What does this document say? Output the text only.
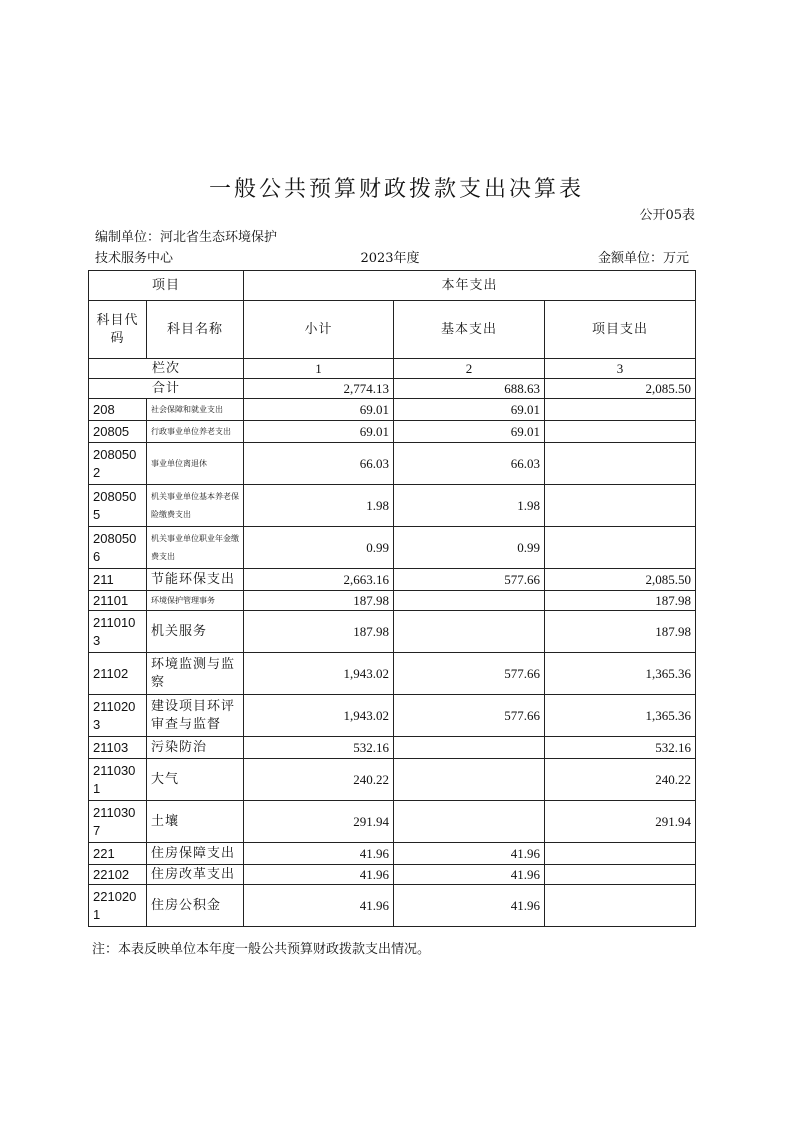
一般公共预算财政拨款支出决算表
公开05表
编制单位：河北省生态环境保护
技术服务中心	2023年度	金额单位：万元
项目		本年支出		
科目代码	科目名称	小计	基本支出	项目支出
栏次		1	2	3
合计		2,774.13	688.63	2,085.50
208	社会保障和就业支出	69.01	69.01	
20805	行政事业单位养老支出	69.01	69.01	
2080502	事业单位离退休	66.03	66.03	
2080505	机关事业单位基本养老保险缴费支出	1.98	1.98	
2080506	机关事业单位职业年金缴费支出	0.99	0.99	
211	节能环保支出	2,663.16	577.66	2,085.50
21101	环境保护管理事务	187.98		187.98
2110103	机关服务	187.98		187.98
21102	环境监测与监察	1,943.02	577.66	1,365.36
2110203	建设项目环评审查与监督	1,943.02	577.66	1,365.36
21103	污染防治	532.16		532.16
2110301	大气	240.22		240.22
2110307	土壤	291.94		291.94
221	住房保障支出	41.96	41.96	
22102	住房改革支出	41.96	41.96	
2210201	住房公积金	41.96	41.96	
注：本表反映单位本年度一般公共预算财政拨款支出情况。
